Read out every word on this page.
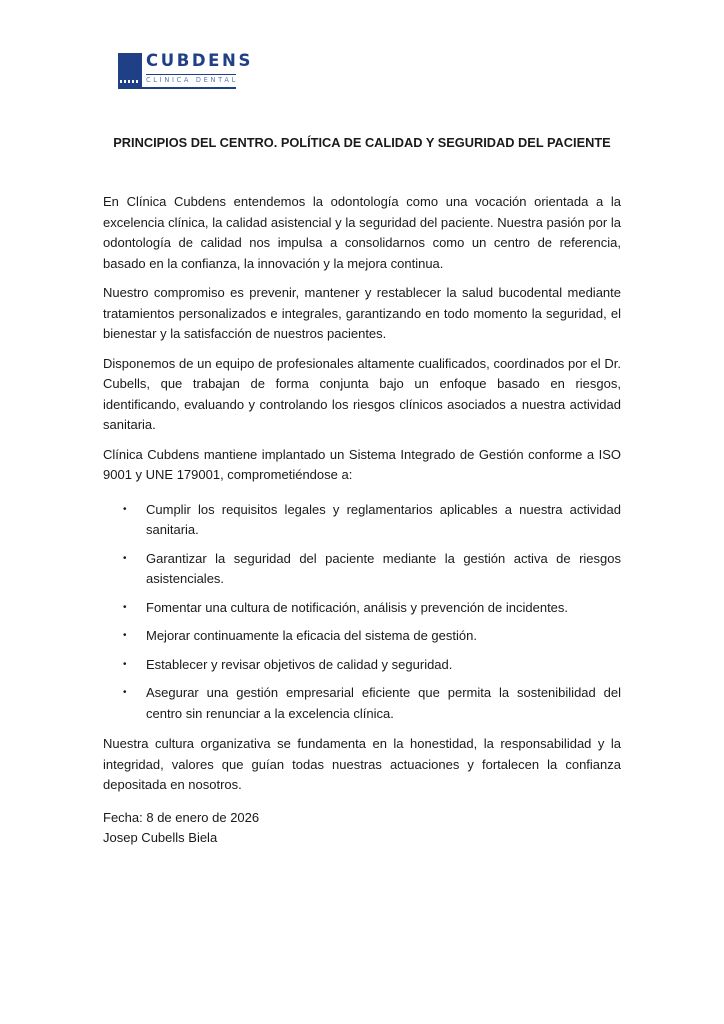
CUBDENS
CLÍNICA DENTAL
PRINCIPIOS DEL CENTRO. POLÍTICA DE CALIDAD Y SEGURIDAD DEL PACIENTE

En Clínica Cubdens entendemos la odontología como una vocación orientada a la excelencia clínica, la calidad asistencial y la seguridad del paciente. Nuestra pasión por la odontología de calidad nos impulsa a consolidarnos como un centro de referencia, basado en la confianza, la innovación y la mejora continua.

Nuestro compromiso es prevenir, mantener y restablecer la salud bucodental mediante tratamientos personalizados e integrales, garantizando en todo momento la seguridad, el bienestar y la satisfacción de nuestros pacientes.

Disponemos de un equipo de profesionales altamente cualificados, coordinados por el Dr. Cubells, que trabajan de forma conjunta bajo un enfoque basado en riesgos, identificando, evaluando y controlando los riesgos clínicos asociados a nuestra actividad sanitaria.

Clínica Cubdens mantiene implantado un Sistema Integrado de Gestión conforme a ISO 9001 y UNE 179001, comprometiéndose a:

• Cumplir los requisitos legales y reglamentarios aplicables a nuestra actividad sanitaria.
• Garantizar la seguridad del paciente mediante la gestión activa de riesgos asistenciales.
• Fomentar una cultura de notificación, análisis y prevención de incidentes.
• Mejorar continuamente la eficacia del sistema de gestión.
• Establecer y revisar objetivos de calidad y seguridad.
• Asegurar una gestión empresarial eficiente que permita la sostenibilidad del centro sin renunciar a la excelencia clínica.

Nuestra cultura organizativa se fundamenta en la honestidad, la responsabilidad y la integridad, valores que guían todas nuestras actuaciones y fortalecen la confianza depositada en nosotros.

Fecha: 8 de enero de 2026
Josep Cubells Biela
